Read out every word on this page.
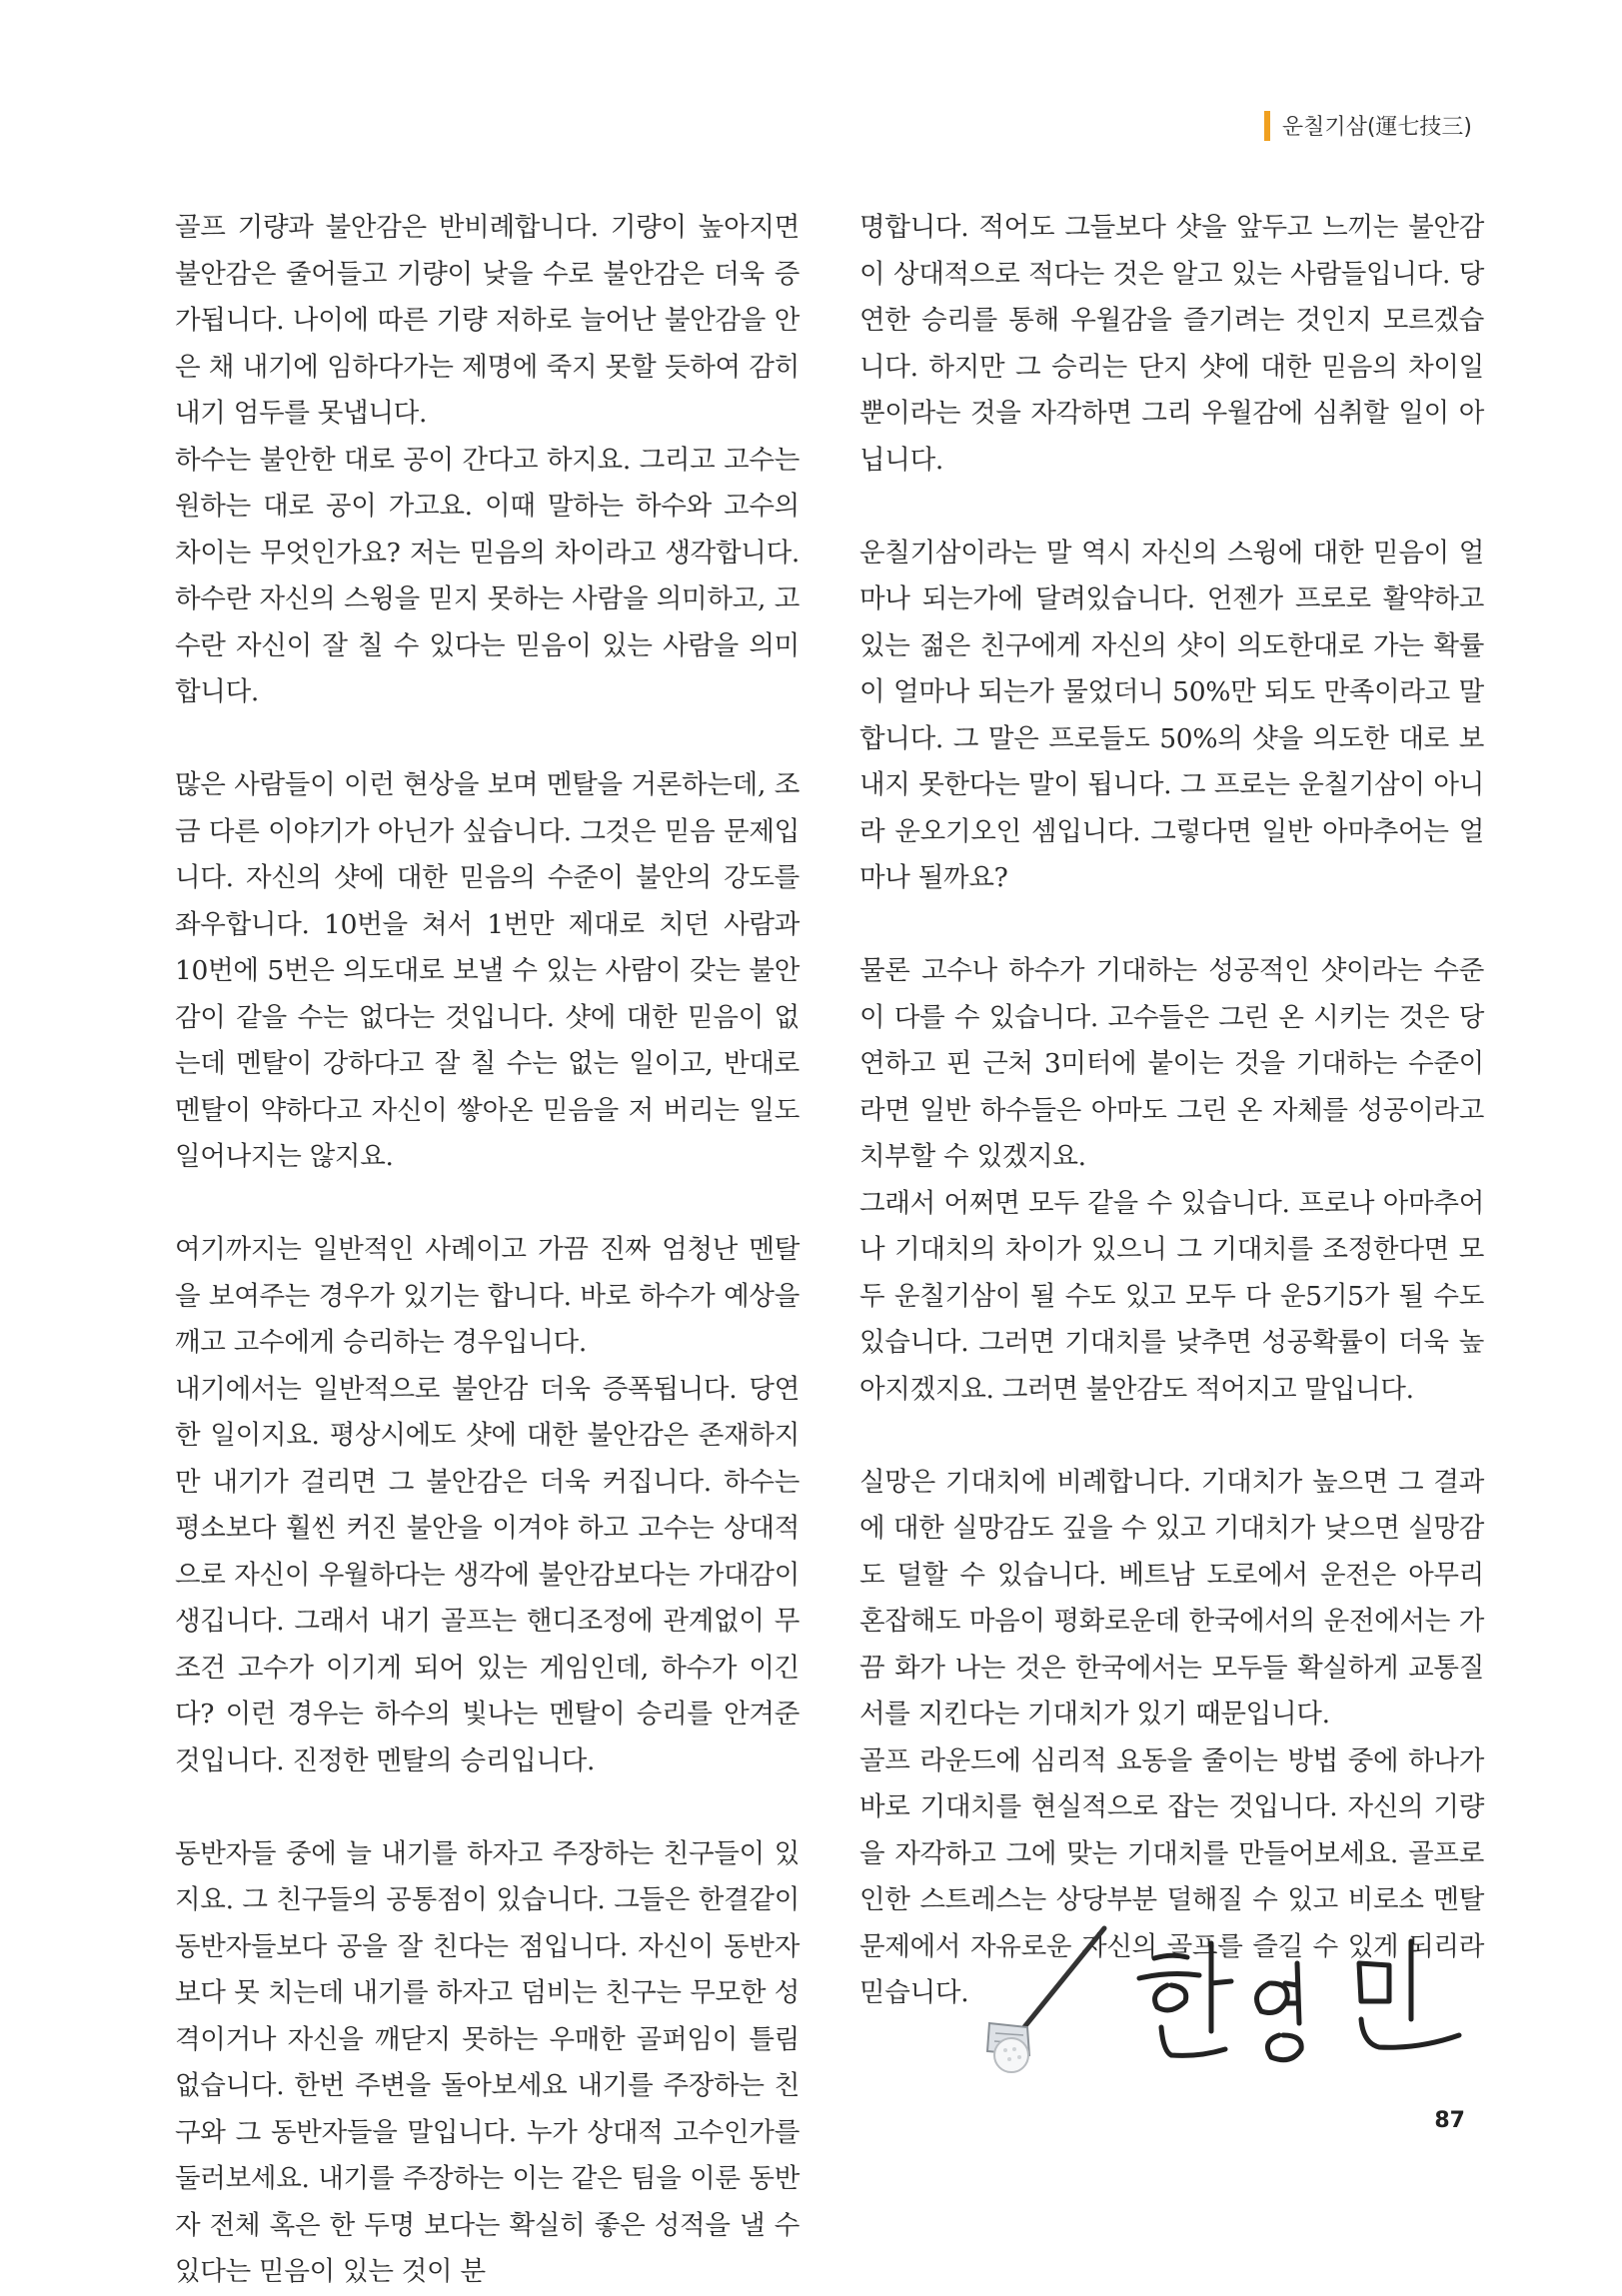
운칠기삼(運七技三)

골프 기량과 불안감은 반비례합니다. 기량이 높아지면 불안감은 줄어들고 기량이 낮을 수로 불안감은 더욱 증가됩니다. 나이에 따른 기량 저하로 늘어난 불안감을 안은 채 내기에 임하다가는 제명에 죽지 못할 듯하여 감히 내기 엄두를 못냅니다.

하수는 불안한 대로 공이 간다고 하지요. 그리고 고수는 원하는 대로 공이 가고요. 이때 말하는 하수와 고수의 차이는 무엇인가요? 저는 믿음의 차이라고 생각합니다. 하수란 자신의 스윙을 믿지 못하는 사람을 의미하고, 고수란 자신이 잘 칠 수 있다는 믿음이 있는 사람을 의미합니다.

많은 사람들이 이런 현상을 보며 멘탈을 거론하는데, 조금 다른 이야기가 아닌가 싶습니다. 그것은 믿음 문제입니다. 자신의 샷에 대한 믿음의 수준이 불안의 강도를 좌우합니다. 10번을 쳐서 1번만 제대로 치던 사람과 10번에 5번은 의도대로 보낼 수 있는 사람이 갖는 불안감이 같을 수는 없다는 것입니다. 샷에 대한 믿음이 없는데 멘탈이 강하다고 잘 칠 수는 없는 일이고, 반대로 멘탈이 약하다고 자신이 쌓아온 믿음을 저 버리는 일도 일어나지는 않지요.

여기까지는 일반적인 사례이고 가끔 진짜 엄청난 멘탈을 보여주는 경우가 있기는 합니다. 바로 하수가 예상을 깨고 고수에게 승리하는 경우입니다.

내기에서는 일반적으로 불안감 더욱 증폭됩니다. 당연한 일이지요. 평상시에도 샷에 대한 불안감은 존재하지만 내기가 걸리면 그 불안감은 더욱 커집니다. 하수는 평소보다 훨씬 커진 불안을 이겨야 하고 고수는 상대적으로 자신이 우월하다는 생각에 불안감보다는 가대감이 생깁니다. 그래서 내기 골프는 핸디조정에 관계없이 무조건 고수가 이기게 되어 있는 게임인데, 하수가 이긴다? 이런 경우는 하수의 빛나는 멘탈이 승리를 안겨준 것입니다. 진정한 멘탈의 승리입니다.

동반자들 중에 늘 내기를 하자고 주장하는 친구들이 있지요. 그 친구들의 공통점이 있습니다. 그들은 한결같이 동반자들보다 공을 잘 친다는 점입니다. 자신이 동반자보다 못 치는데 내기를 하자고 덤비는 친구는 무모한 성격이거나 자신을 깨닫지 못하는 우매한 골퍼임이 틀림없습니다. 한번 주변을 돌아보세요 내기를 주장하는 친구와 그 동반자들을 말입니다. 누가 상대적 고수인가를 둘러보세요. 내기를 주장하는 이는 같은 팀을 이룬 동반자 전체 혹은 한 두명 보다는 확실히 좋은 성적을 낼 수 있다는 믿음이 있는 것이 분

명합니다. 적어도 그들보다 샷을 앞두고 느끼는 불안감이 상대적으로 적다는 것은 알고 있는 사람들입니다. 당연한 승리를 통해 우월감을 즐기려는 것인지 모르겠습니다. 하지만 그 승리는 단지 샷에 대한 믿음의 차이일뿐이라는 것을 자각하면 그리 우월감에 심취할 일이 아닙니다.

운칠기삼이라는 말 역시 자신의 스윙에 대한 믿음이 얼마나 되는가에 달려있습니다. 언젠가 프로로 활약하고 있는 젊은 친구에게 자신의 샷이 의도한대로 가는 확률이 얼마나 되는가 물었더니 50%만 되도 만족이라고 말합니다. 그 말은 프로들도 50%의 샷을 의도한 대로 보내지 못한다는 말이 됩니다. 그 프로는 운칠기삼이 아니라 운오기오인 셈입니다. 그렇다면 일반 아마추어는 얼마나 될까요?

물론 고수나 하수가 기대하는 성공적인 샷이라는 수준이 다를 수 있습니다. 고수들은 그린 온 시키는 것은 당연하고 핀 근처 3미터에 붙이는 것을 기대하는 수준이라면 일반 하수들은 아마도 그린 온 자체를 성공이라고 치부할 수 있겠지요.

그래서 어쩌면 모두 같을 수 있습니다. 프로나 아마추어나 기대치의 차이가 있으니 그 기대치를 조정한다면 모두 운칠기삼이 될 수도 있고 모두 다 운5기5가 될 수도 있습니다. 그러면 기대치를 낮추면 성공확률이 더욱 높아지겠지요. 그러면 불안감도 적어지고 말입니다.

실망은 기대치에 비례합니다. 기대치가 높으면 그 결과에 대한 실망감도 깊을 수 있고 기대치가 낮으면 실망감도 덜할 수 있습니다. 베트남 도로에서 운전은 아무리 혼잡해도 마음이 평화로운데 한국에서의 운전에서는 가끔 화가 나는 것은 한국에서는 모두들 확실하게 교통질서를 지킨다는 기대치가 있기 때문입니다.

골프 라운드에 심리적 요동을 줄이는 방법 중에 하나가 바로 기대치를 현실적으로 잡는 것입니다. 자신의 기량을 자각하고 그에 맞는 기대치를 만들어보세요. 골프로 인한 스트레스는 상당부분 덜해질 수 있고 비로소 멘탈 문제에서 자유로운 자신의 골프를 즐길 수 있게 되리라 믿습니다.

87
